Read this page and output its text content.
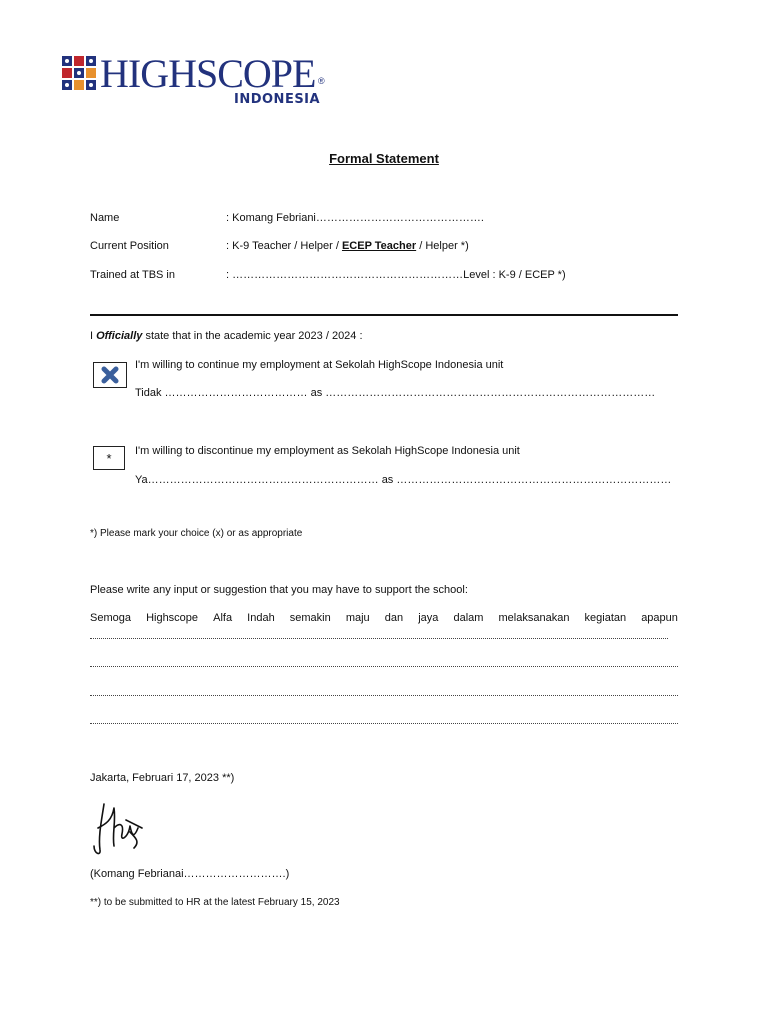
HIGHSCOPE ®
INDONESIA
Formal Statement
Name	: Komang Febriani……………………………………….
Current Position	: K-9 Teacher / Helper / ECEP Teacher / Helper *)
Trained at TBS in	: ………………………………………………………Level : K-9 / ECEP *)
I Officially state that in the academic year 2023 / 2024 :
I'm willing to continue my employment at Sekolah HighScope Indonesia unit
Tidak ………………………………… as ………………………………………………………………………………
*	I'm willing to discontinue my employment as Sekolah HighScope Indonesia unit
Ya……………………………………………………… as …………………………………………………………………
*) Please mark your choice (x) or as appropriate
Please write any input or suggestion that you may have to support the school:
Semoga Highscope Alfa Indah semakin maju dan jaya dalam melaksanakan kegiatan apapun
Jakarta, Februari 17, 2023 **)
(Komang Febrianai……………………….)
**) to be submitted to HR at the latest February 15, 2023
